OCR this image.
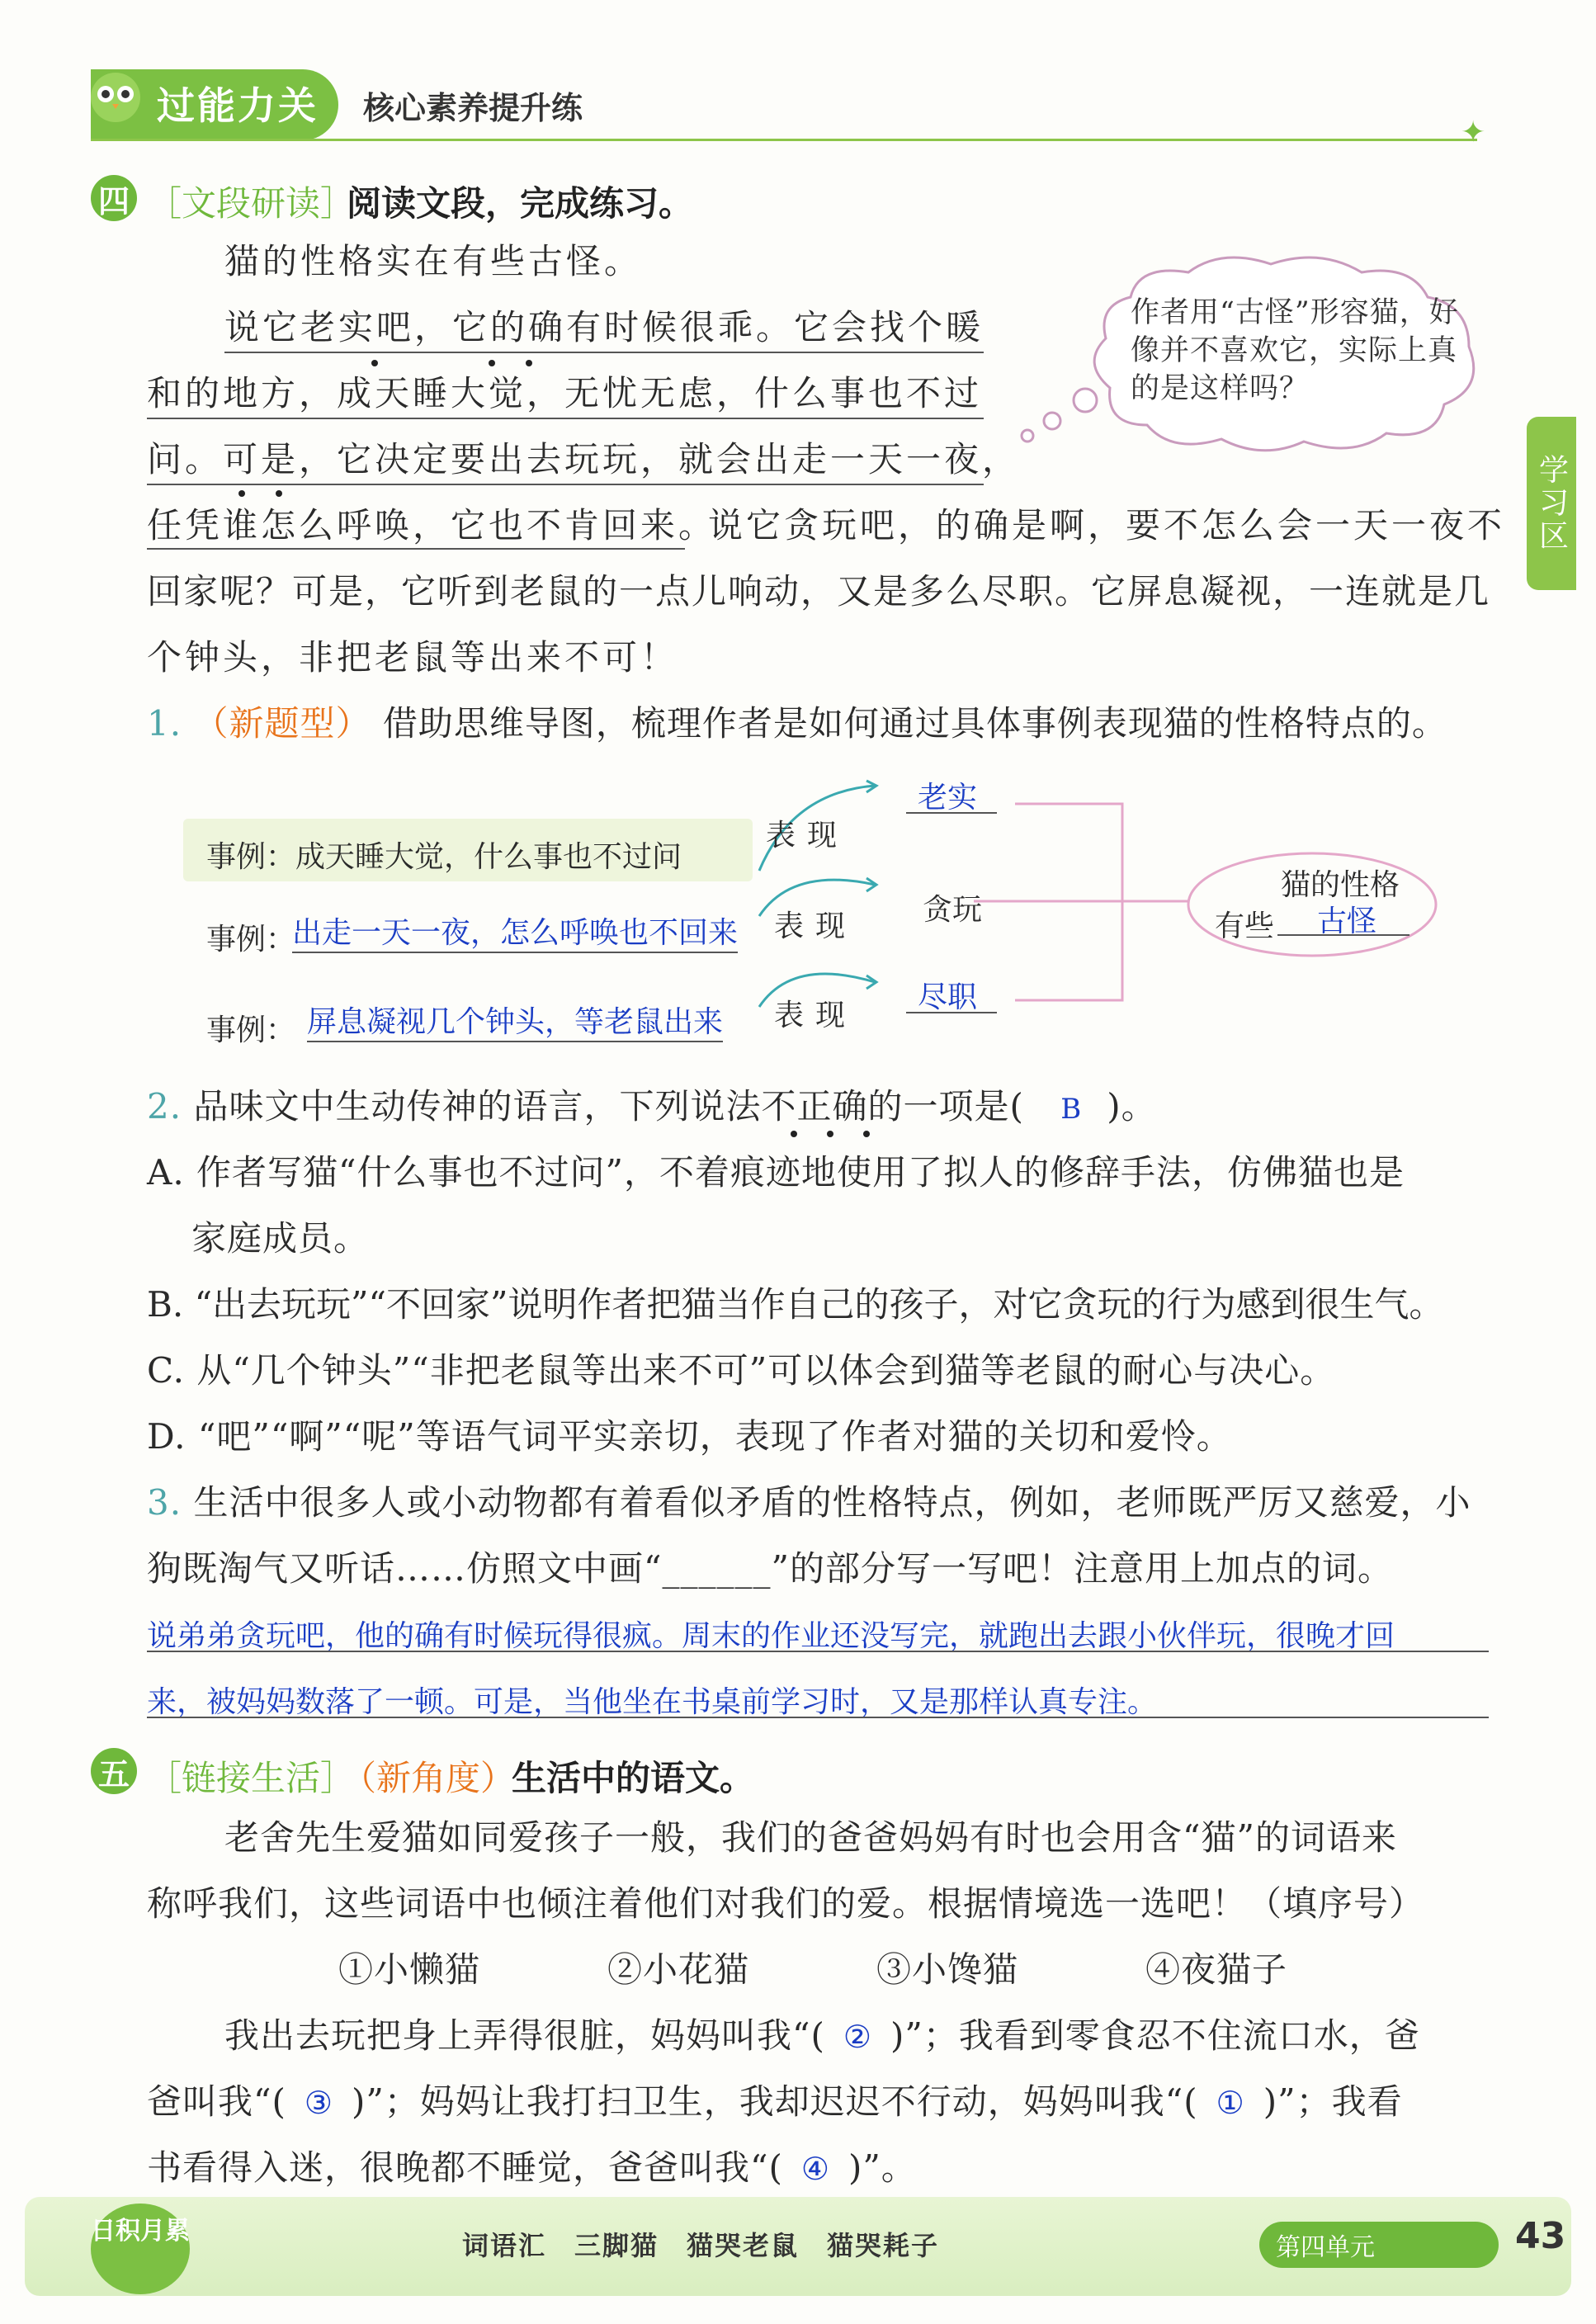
过能力关 核心素养提升练
✦
学习区
四 ［文段研读］
阅读文段，完成练习。
猫的性格实在有些古怪。
说它老实吧，它的确有时候很乖。它会找个暖
和的地方，成天睡大觉，无忧无虑，什么事也不过
问。可是，它决定要出去玩玩，就会出走一天一夜，
任凭谁怎么呼唤，它也不肯回来。
说它贪玩吧，的确是啊，要不怎么会一天一夜不
回家呢？可是，它听到老鼠的一点儿响动，又是多么尽职。它屏息凝视，一连就是几
个钟头，非把老鼠等出来不可！
作者用“古怪”形容猫，好像并不喜欢它，实际上真的是这样吗？
1. （新题型） 借助思维导图，梳理作者是如何通过具体事例表现猫的性格特点的。
事例：成天睡大觉，什么事也不过问
事例：
出走一天一夜，怎么呼唤也不回来
事例： 屏息凝视几个钟头，等老鼠出来
表现
表现
表现
老实
贪玩
尽职
猫的性格
有些 古怪
2. 品味文中生动传神的语言，下列说法不正确的一项是( B )。
A. 作者写猫“什么事也不过问”，不着痕迹地使用了拟人的修辞手法，仿佛猫也是
家庭成员。
B. “出去玩玩”“不回家”说明作者把猫当作自己的孩子，对它贪玩的行为感到很生气。
C. 从“几个钟头”“非把老鼠等出来不可”可以体会到猫等老鼠的耐心与决心。
D. “吧”“啊”“呢”等语气词平实亲切，表现了作者对猫的关切和爱怜。
3. 生活中很多人或小动物都有着看似矛盾的性格特点，例如，老师既严厉又慈爱，小
狗既淘气又听话……仿照文中画“______”的部分写一写吧！注意用上加点的词。
说弟弟贪玩吧，他的确有时候玩得很疯。周末的作业还没写完，就跑出去跟小伙伴玩，很晚才回
来，被妈妈数落了一顿。可是，当他坐在书桌前学习时，又是那样认真专注。
五 ［链接生活］
（新角度）
生活中的语文。
老舍先生爱猫如同爱孩子一般，我们的爸爸妈妈有时也会用含“猫”的词语来
称呼我们，这些词语中也倾注着他们对我们的爱。根据情境选一选吧！（填序号）
①小懒猫	②小花猫	③小馋猫	④夜猫子
我出去玩把身上弄得很脏，妈妈叫我“( ② )”；我看到零食忍不住流口水，爸
爸叫我“( ③ )”；妈妈让我打扫卫生，我却迟迟不行动，妈妈叫我“( ① )”；我看
书看得入迷，很晚都不睡觉，爸爸叫我“( ④ )”。
日积月累	词语汇　三脚猫　猫哭老鼠　猫哭耗子	第四单元	43
